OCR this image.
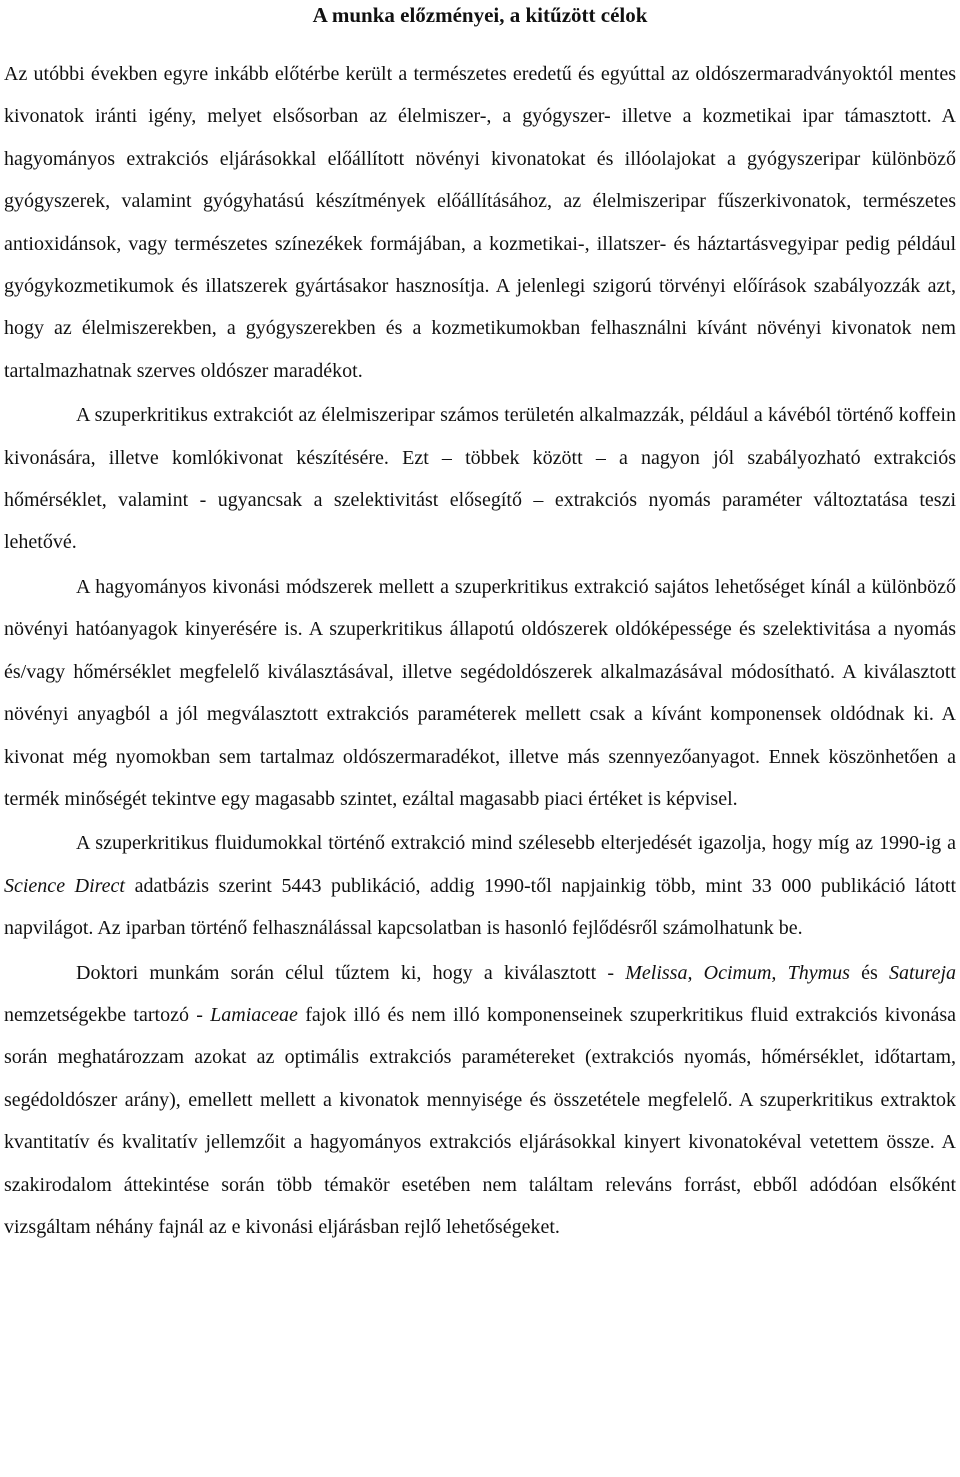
A munka előzményei, a kitűzött célok

Az utóbbi években egyre inkább előtérbe került a természetes eredetű és egyúttal az oldószermaradványoktól mentes kivonatok iránti igény, melyet elsősorban az élelmiszer-, a gyógyszer- illetve a kozmetikai ipar támasztott. A hagyományos extrakciós eljárásokkal előállított növényi kivonatokat és illóolajokat a gyógyszeripar különböző gyógyszerek, valamint gyógyhatású készítmények előállításához, az élelmiszeripar fűszerkivonatok, természetes antioxidánsok, vagy természetes színezékek formájában, a kozmetikai-, illatszer- és háztartásvegyipar pedig például gyógykozmetikumok és illatszerek gyártásakor hasznosítja. A jelenlegi szigorú törvényi előírások szabályozzák azt, hogy az élelmiszerekben, a gyógyszerekben és a kozmetikumokban felhasználni kívánt növényi kivonatok nem tartalmazhatnak szerves oldószer maradékot.

A szuperkritikus extrakciót az élelmiszeripar számos területén alkalmazzák, például a kávéból történő koffein kivonására, illetve komlókivonat készítésére. Ezt – többek között – a nagyon jól szabályozható extrakciós hőmérséklet, valamint - ugyancsak a szelektivitást elősegítő – extrakciós nyomás paraméter változtatása teszi lehetővé.

A hagyományos kivonási módszerek mellett a szuperkritikus extrakció sajátos lehetőséget kínál a különböző növényi hatóanyagok kinyerésére is. A szuperkritikus állapotú oldószerek oldóképessége és szelektivitása a nyomás és/vagy hőmérséklet megfelelő kiválasztásával, illetve segédoldószerek alkalmazásával módosítható. A kiválasztott növényi anyagból a jól megválasztott extrakciós paraméterek mellett csak a kívánt komponensek oldódnak ki. A kivonat még nyomokban sem tartalmaz oldószermaradékot, illetve más szennyezőanyagot. Ennek köszönhetően a termék minőségét tekintve egy magasabb szintet, ezáltal magasabb piaci értéket is képvisel.

A szuperkritikus fluidumokkal történő extrakció mind szélesebb elterjedését igazolja, hogy míg az 1990-ig a Science Direct adatbázis szerint 5443 publikáció, addig 1990-től napjainkig több, mint 33 000 publikáció látott napvilágot. Az iparban történő felhasználással kapcsolatban is hasonló fejlődésről számolhatunk be.

Doktori munkám során célul tűztem ki, hogy a kiválasztott - Melissa, Ocimum, Thymus és Satureja nemzetségekbe tartozó - Lamiaceae fajok illó és nem illó komponenseinek szuperkritikus fluid extrakciós kivonása során meghatározzam azokat az optimális extrakciós paramétereket (extrakciós nyomás, hőmérséklet, időtartam, segédoldószer arány), emellett mellett a kivonatok mennyisége és összetétele megfelelő. A szuperkritikus extraktok kvantitatív és kvalitatív jellemzőit a hagyományos extrakciós eljárásokkal kinyert kivonatokéval vetettem össze. A szakirodalom áttekintése során több témakör esetében nem találtam releváns forrást, ebből adódóan elsőként vizsgáltam néhány fajnál az e kivonási eljárásban rejlő lehetőségeket.
